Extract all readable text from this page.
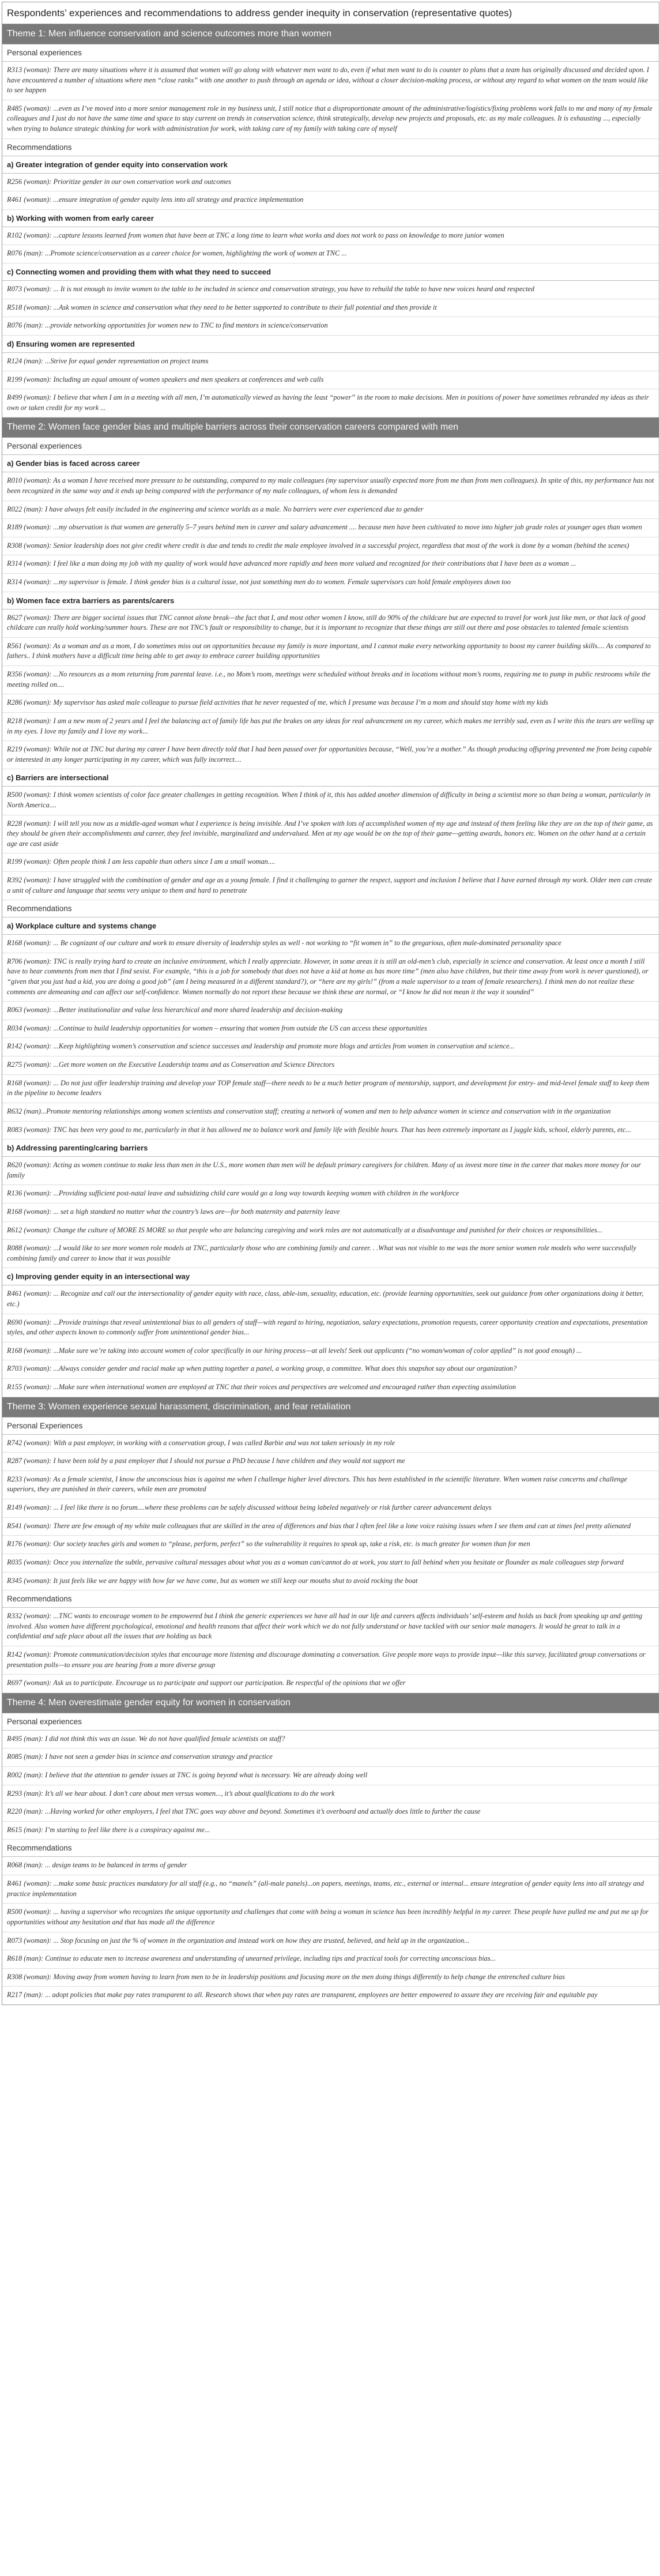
Respondents’ experiences and recommendations to address gender inequity in conservation (representative quotes)
Theme 1: Men influence conservation and science outcomes more than women
Personal experiences
R313 (woman): There are many situations where it is assumed that women will go along with whatever men want to do, even if what men want to do is counter to plans that a team has originally discussed and decided upon. I have encountered a number of situations where men “close ranks” with one another to push through an agenda or idea, without a closer decision-making process, or without any regard to what women on the team would like to see happen
R485 (woman): ...even as I’ve moved into a more senior management role in my business unit, I still notice that a disproportionate amount of the administrative/logistics/fixing problems work falls to me and many of my female colleagues and I just do not have the same time and space to stay current on trends in conservation science, think strategically, develop new projects and proposals, etc. as my male colleagues. It is exhausting ..., especially when trying to balance strategic thinking for work with administration for work, with taking care of my family with taking care of myself
Recommendations
a) Greater integration of gender equity into conservation work
R256 (woman): Prioritize gender in our own conservation work and outcomes
R461 (woman): ...ensure integration of gender equity lens into all strategy and practice implementation
b) Working with women from early career
R102 (woman): ...capture lessons learned from women that have been at TNC a long time to learn what works and does not work to pass on knowledge to more junior women
R076 (man): ...Promote science/conservation as a career choice for women, highlighting the work of women at TNC ...
c) Connecting women and providing them with what they need to succeed
R073 (woman): ... It is not enough to invite women to the table to be included in science and conservation strategy, you have to rebuild the table to have new voices heard and respected
R518 (woman): ...Ask women in science and conservation what they need to be better supported to contribute to their full potential and then provide it
R076 (man): ...provide networking opportunities for women new to TNC to find mentors in science/conservation
d) Ensuring women are represented
R124 (man): ...Strive for equal gender representation on project teams
R199 (woman): Including an equal amount of women speakers and men speakers at conferences and web calls
R499 (woman): I believe that when I am in a meeting with all men, I’m automatically viewed as having the least “power” in the room to make decisions. Men in positions of power have sometimes rebranded my ideas as their own or taken credit for my work ...
Theme 2: Women face gender bias and multiple barriers across their conservation careers compared with men
Personal experiences
a) Gender bias is faced across career
R010 (woman): As a woman I have received more pressure to be outstanding, compared to my male colleagues (my supervisor usually expected more from me than from men colleagues). In spite of this, my performance has not been recognized in the same way and it ends up being compared with the performance of my male colleagues, of whom less is demanded
R022 (man): I have always felt easily included in the engineering and science worlds as a male. No barriers were ever experienced due to gender
R189 (woman): ...my observation is that women are generally 5–7 years behind men in career and salary advancement .... because men have been cultivated to move into higher job grade roles at younger ages than women
R308 (woman): Senior leadership does not give credit where credit is due and tends to credit the male employee involved in a successful project, regardless that most of the work is done by a woman (behind the scenes)
R314 (woman): I feel like a man doing my job with my quality of work would have advanced more rapidly and been more valued and recognized for their contributions that I have been as a woman ...
R314 (woman): ...my supervisor is female. I think gender bias is a cultural issue, not just something men do to women. Female supervisors can hold female employees down too
b) Women face extra barriers as parents/carers
R627 (woman): There are bigger societal issues that TNC cannot alone break—the fact that I, and most other women I know, still do 90% of the childcare but are expected to travel for work just like men, or that lack of good childcare can really hold working/summer hours. These are not TNC’s fault or responsibility to change, but it is important to recognize that these things are still out there and pose obstacles to talented female scientists
R561 (woman): As a woman and as a mom, I do sometimes miss out on opportunities because my family is more important, and I cannot make every networking opportunity to boost my career building skills.... As compared to fathers.. I think mothers have a difficult time being able to get away to embrace career building opportunities
R356 (woman): ...No resources as a mom returning from parental leave. i.e., no Mom’s room, meetings were scheduled without breaks and in locations without mom’s rooms, requiring me to pump in public restrooms while the meeting rolled on....
R286 (woman): My supervisor has asked male colleague to pursue field activities that he never requested of me, which I presume was because I’m a mom and should stay home with my kids
R218 (woman): I am a new mom of 2 years and I feel the balancing act of family life has put the brakes on any ideas for real advancement on my career, which makes me terribly sad, even as I write this the tears are welling up in my eyes. I love my family and I love my work...
R219 (woman): While not at TNC but during my career I have been directly told that I had been passed over for opportunities because, “Well, you’re a mother.” As though producing offspring prevented me from being capable or interested in any longer participating in my career, which was fully incorrect....
c) Barriers are intersectional
R500 (woman): I think women scientists of color face greater challenges in getting recognition. When I think of it, this has added another dimension of difficulty in being a scientist more so than being a woman, particularly in North America....
R228 (woman): I will tell you now as a middle-aged woman what I experience is being invisible. And I’ve spoken with lots of accomplished women of my age and instead of them feeling like they are on the top of their game, as they should be given their accomplishments and career, they feel invisible, marginalized and undervalued. Men at my age would be on the top of their game—getting awards, honors etc. Women on the other hand at a certain age are cast aside
R199 (woman): Often people think I am less capable than others since I am a small woman....
R392 (woman): I have struggled with the combination of gender and age as a young female. I find it challenging to garner the respect, support and inclusion I believe that I have earned through my work. Older men can create a unit of culture and language that seems very unique to them and hard to penetrate
Recommendations
a) Workplace culture and systems change
R168 (woman): ... Be cognizant of our culture and work to ensure diversity of leadership styles as well - not working to “fit women in” to the gregarious, often male-dominated personality space
R706 (woman): TNC is really trying hard to create an inclusive environment, which I really appreciate. However, in some areas it is still an old-men’s club, especially in science and conservation. At least once a month I still have to hear comments from men that I find sexist. For example, “this is a job for somebody that does not have a kid at home as has more time” (men also have children, but their time away from work is never questioned), or “given that you just had a kid, you are doing a good job” (am I being measured in a different standard?), or “here are my girls!” (from a male supervisor to a team of female researchers). I think men do not realize these comments are demeaning and can affect our self-confidence. Women normally do not report these because we think these are normal, or “I know he did not mean it the way it sounded”
R063 (woman): ...Better institutionalize and value less hierarchical and more shared leadership and decision-making
R034 (woman): ...Continue to build leadership opportunities for women – ensuring that women from outside the US can access these opportunities
R142 (woman): ...Keep highlighting women’s conservation and science successes and leadership and promote more blogs and articles from women in conservation and science...
R275 (woman): ...Get more women on the Executive Leadership teams and as Conservation and Science Directors
R168 (woman): ... Do not just offer leadership training and develop your TOP female staff—there needs to be a much better program of mentorship, support, and development for entry- and mid-level female staff to keep them in the pipeline to become leaders
R632 (man)...Promote mentoring relationships among women scientists and conservation staff; creating a network of women and men to help advance women in science and conservation with in the organization
R083 (woman): TNC has been very good to me, particularly in that it has allowed me to balance work and family life with flexible hours. That has been extremely important as I juggle kids, school, elderly parents, etc...
b) Addressing parenting/caring barriers
R620 (woman): Acting as women continue to make less than men in the U.S., more women than men will be default primary caregivers for children. Many of us invest more time in the career that makes more money for our family
R136 (woman): ...Providing sufficient post-natal leave and subsidizing child care would go a long way towards keeping women with children in the workforce
R168 (woman): ... set a high standard no matter what the country’s laws are—for both maternity and paternity leave
R612 (woman): Change the culture of MORE IS MORE so that people who are balancing caregiving and work roles are not automatically at a disadvantage and punished for their choices or responsibilities...
R088 (woman): ...I would like to see more women role models at TNC, particularly those who are combining family and career. . .What was not visible to me was the more senior women role models who were successfully combining family and career to know that it was possible
c) Improving gender equity in an intersectional way
R461 (woman): ... Recognize and call out the intersectionality of gender equity with race, class, able-ism, sexuality, education, etc. (provide learning opportunities, seek out guidance from other organizations doing it better, etc.)
R690 (woman): ...Provide trainings that reveal unintentional bias to all genders of staff—with regard to hiring, negotiation, salary expectations, promotion requests, career opportunity creation and expectations, presentation styles, and other aspects known to commonly suffer from unintentional gender bias...
R168 (woman): ...Make sure we’re taking into account women of color specifically in our hiring process—at all levels! Seek out applicants (“no woman/woman of color applied” is not good enough) ...
R703 (woman): ...Always consider gender and racial make up when putting together a panel, a working group, a committee. What does this snapshot say about our organization?
R155 (woman): ...Make sure when international women are employed at TNC that their voices and perspectives are welcomed and encouraged rather than expecting assimilation
Theme 3: Women experience sexual harassment, discrimination, and fear retaliation
Personal Experiences
R742 (woman): With a past employer, in working with a conservation group, I was called Barbie and was not taken seriously in my role
R287 (woman): I have been told by a past employer that I should not pursue a PhD because I have children and they would not support me
R233 (woman): As a female scientist, I know the unconscious bias is against me when I challenge higher level directors. This has been established in the scientific literature. When women raise concerns and challenge superiors, they are punished in their careers, while men are promoted
R149 (woman): ... I feel like there is no forum....where these problems can be safely discussed without being labeled negatively or risk further career advancement delays
R541 (woman): There are few enough of my white male colleagues that are skilled in the area of differences and bias that I often feel like a lone voice raising issues when I see them and can at times feel pretty alienated
R176 (woman): Our society teaches girls and women to “please, perform, perfect” so the vulnerability it requires to speak up, take a risk, etc. is much greater for women than for men
R035 (woman): Once you internalize the subtle, pervasive cultural messages about what you as a woman can/cannot do at work, you start to fall behind when you hesitate or flounder as male colleagues step forward
R345 (woman): It just feels like we are happy with how far we have come, but as women we still keep our mouths shut to avoid rocking the boat
Recommendations
R332 (woman): ...TNC wants to encourage women to be empowered but I think the generic experiences we have all had in our life and careers affects individuals’ self-esteem and holds us back from speaking up and getting involved. Also women have different psychological, emotional and health reasons that affect their work which we do not fully understand or have tackled with our senior male managers. It would be great to talk in a confidential and safe place about all the issues that are holding us back
R142 (woman): Promote communication/decision styles that encourage more listening and discourage dominating a conversation. Give people more ways to provide input—like this survey, facilitated group conversations or presentation polls—to ensure you are hearing from a more diverse group
R697 (woman): Ask us to participate. Encourage us to participate and support our participation. Be respectful of the opinions that we offer
Theme 4: Men overestimate gender equity for women in conservation
Personal experiences
R495 (man): I did not think this was an issue. We do not have qualified female scientists on staff?
R085 (man): I have not seen a gender bias in science and conservation strategy and practice
R002 (man): I believe that the attention to gender issues at TNC is going beyond what is necessary. We are already doing well
R293 (man): It’s all we hear about. I don’t care about men versus women..., it’s about qualifications to do the work
R220 (man): ...Having worked for other employers, I feel that TNC goes way above and beyond. Sometimes it’s overboard and actually does little to further the cause
R615 (man): I’m starting to feel like there is a conspiracy against me...
Recommendations
R068 (man): ... design teams to be balanced in terms of gender
R461 (woman): ...make some basic practices mandatory for all staff (e.g., no “manels” (all-male panels)...on papers, meetings, teams, etc., external or internal... ensure integration of gender equity lens into all strategy and practice implementation
R500 (woman): ... having a supervisor who recognizes the unique opportunity and challenges that come with being a woman in science has been incredibly helpful in my career. These people have pulled me and put me up for opportunities without any hesitation and that has made all the difference
R073 (woman): ... Stop focusing on just the % of women in the organization and instead work on how they are trusted, believed, and held up in the organization...
R618 (man): Continue to educate men to increase awareness and understanding of unearned privilege, including tips and practical tools for correcting unconscious bias...
R308 (woman): Moving away from women having to learn from men to be in leadership positions and focusing more on the men doing things differently to help change the entrenched culture bias
R217 (man): ... adopt policies that make pay rates transparent to all. Research shows that when pay rates are transparent, employees are better empowered to assure they are receiving fair and equitable pay
